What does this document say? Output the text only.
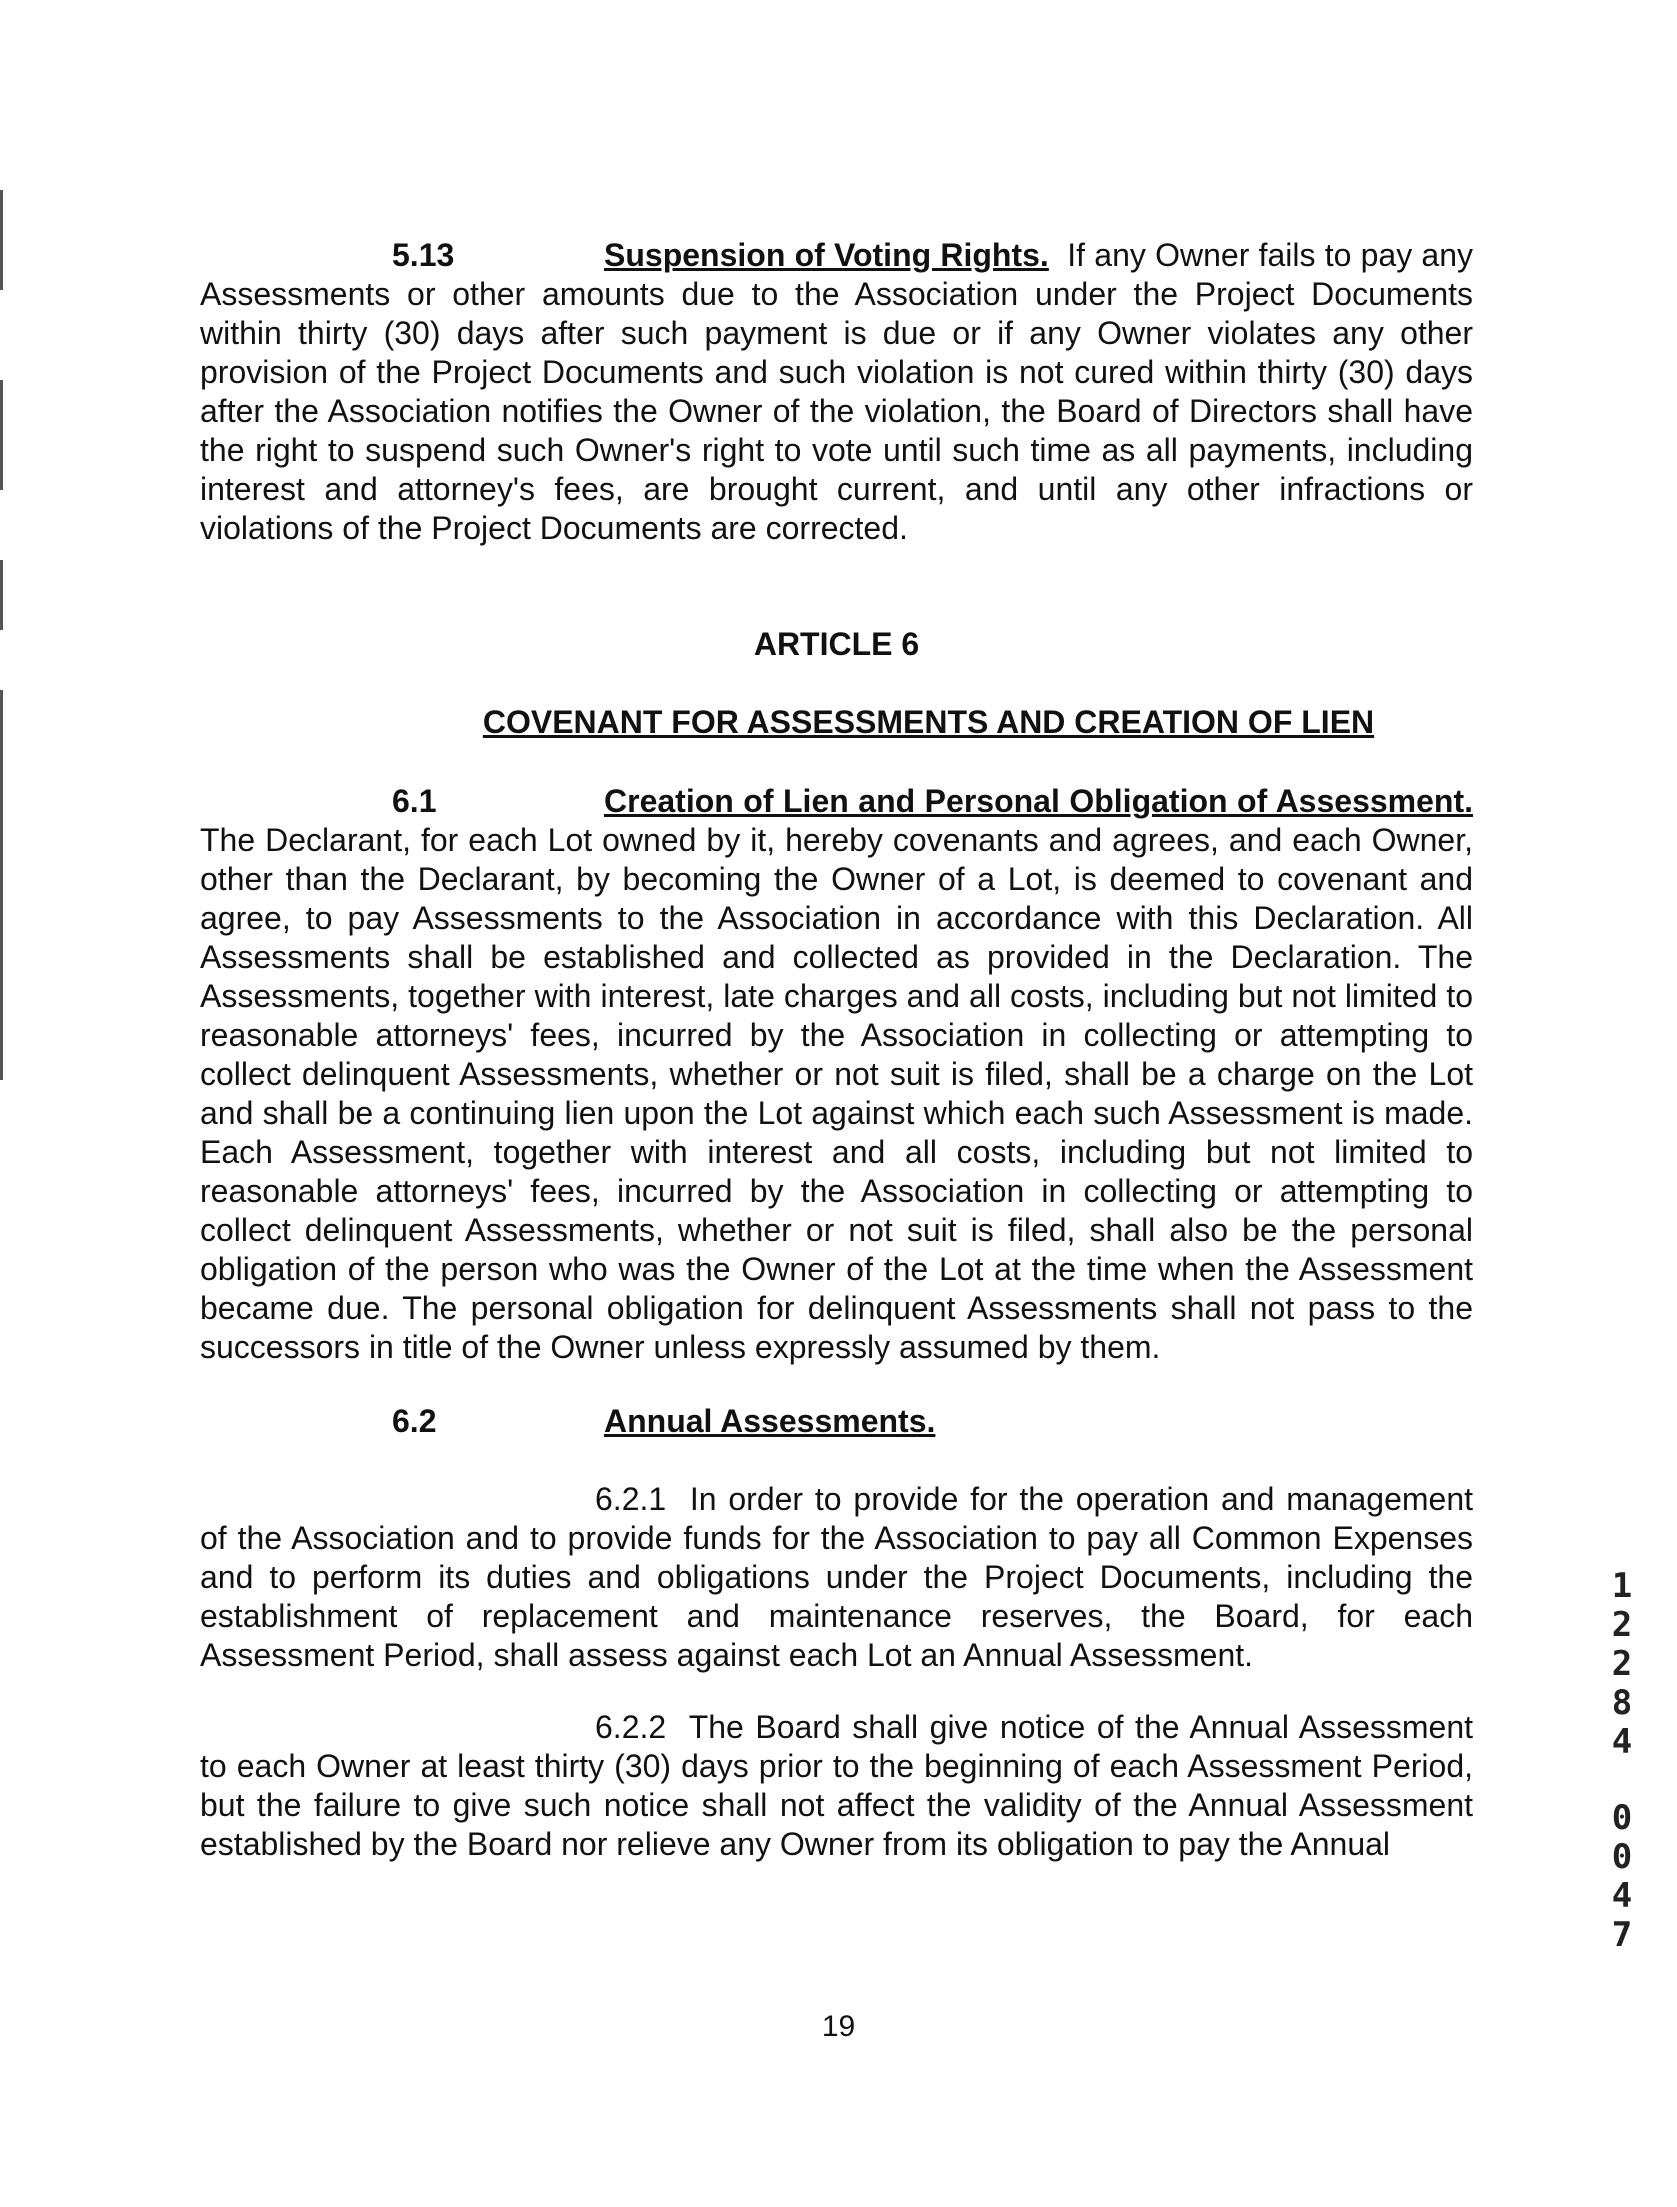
5.13	Suspension of Voting Rights. If any Owner fails to pay any Assessments or other amounts due to the Association under the Project Documents within thirty (30) days after such payment is due or if any Owner violates any other provision of the Project Documents and such violation is not cured within thirty (30) days after the Association notifies the Owner of the violation, the Board of Directors shall have the right to suspend such Owner's right to vote until such time as all payments, including interest and attorney's fees, are brought current, and until any other infractions or violations of the Project Documents are corrected.
ARTICLE 6
COVENANT FOR ASSESSMENTS AND CREATION OF LIEN
6.1	Creation of Lien and Personal Obligation of Assessment. The Declarant, for each Lot owned by it, hereby covenants and agrees, and each Owner, other than the Declarant, by becoming the Owner of a Lot, is deemed to covenant and agree, to pay Assessments to the Association in accordance with this Declaration. All Assessments shall be established and collected as provided in the Declaration. The Assessments, together with interest, late charges and all costs, including but not limited to reasonable attorneys' fees, incurred by the Association in collecting or attempting to collect delinquent Assessments, whether or not suit is filed, shall be a charge on the Lot and shall be a continuing lien upon the Lot against which each such Assessment is made. Each Assessment, together with interest and all costs, including but not limited to reasonable attorneys' fees, incurred by the Association in collecting or attempting to collect delinquent Assessments, whether or not suit is filed, shall also be the personal obligation of the person who was the Owner of the Lot at the time when the Assessment became due. The personal obligation for delinquent Assessments shall not pass to the successors in title of the Owner unless expressly assumed by them.
6.2	Annual Assessments.
6.2.1 In order to provide for the operation and management of the Association and to provide funds for the Association to pay all Common Expenses and to perform its duties and obligations under the Project Documents, including the establishment of replacement and maintenance reserves, the Board, for each Assessment Period, shall assess against each Lot an Annual Assessment.
6.2.2 The Board shall give notice of the Annual Assessment to each Owner at least thirty (30) days prior to the beginning of each Assessment Period, but the failure to give such notice shall not affect the validity of the Annual Assessment established by the Board nor relieve any Owner from its obligation to pay the Annual
1
2
2
8
4
0
0
4
7
19
